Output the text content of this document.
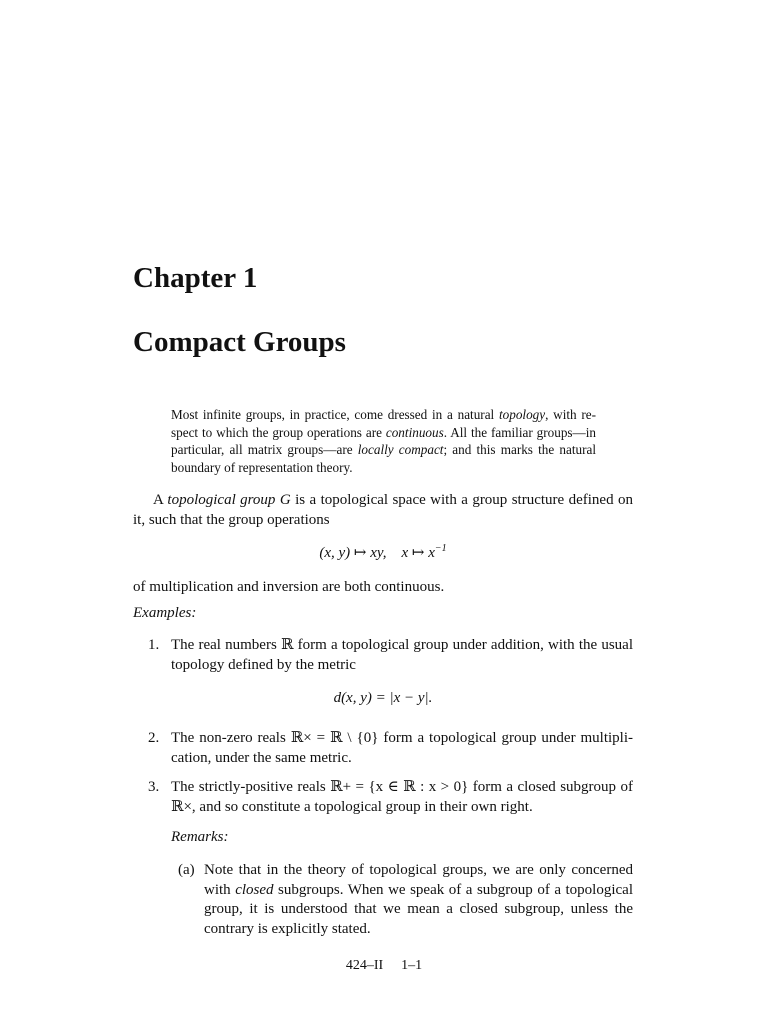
Chapter 1
Compact Groups
Most infinite groups, in practice, come dressed in a natural topology, with re-spect to which the group operations are continuous. All the familiar groups—in particular, all matrix groups—are locally compact; and this marks the natural boundary of representation theory.
A topological group G is a topological space with a group structure defined on it, such that the group operations
(x, y) ↦ xy, x ↦ $x^{-1}$
of multiplication and inversion are both continuous.
Examples:
1. The real numbers ℝ form a topological group under addition, with the usual topology defined by the metric
d(x, y) = |x − y|.
2. The non-zero reals ℝ× = ℝ \ {0} form a topological group under multipli-cation, under the same metric.
3. The strictly-positive reals ℝ+ = {x ∈ ℝ : x > 0} form a closed subgroup of ℝ×, and so constitute a topological group in their own right.
Remarks:
(a) Note that in the theory of topological groups, we are only concerned with closed subgroups. When we speak of a subgroup of a topological group, it is understood that we mean a closed subgroup, unless the contrary is explicitly stated.
424–II 1–1
